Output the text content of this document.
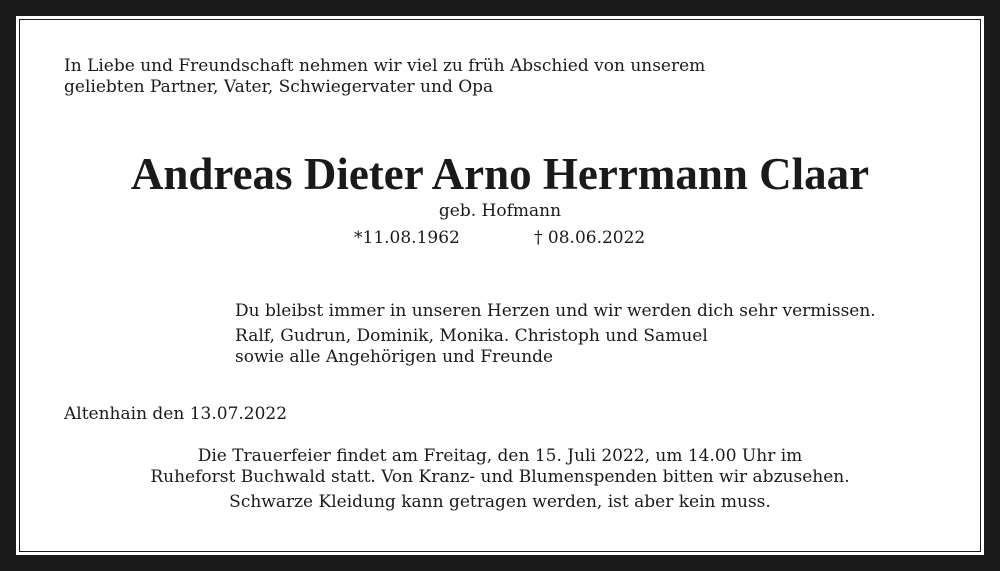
In Liebe und Freundschaft nehmen wir viel zu früh Abschied von unserem
geliebten Partner, Vater, Schwiegervater und Opa
Andreas Dieter Arno Herrmann Claar
geb. Hofmann
*11.08.1962	† 08.06.2022
Du bleibst immer in unseren Herzen und wir werden dich sehr vermissen.
Ralf, Gudrun, Dominik, Monika. Christoph und Samuel
sowie alle Angehörigen und Freunde
Altenhain den 13.07.2022
Die Trauerfeier findet am Freitag, den 15. Juli 2022, um 14.00 Uhr im
Ruheforst Buchwald statt. Von Kranz- und Blumenspenden bitten wir abzusehen.
Schwarze Kleidung kann getragen werden, ist aber kein muss.
